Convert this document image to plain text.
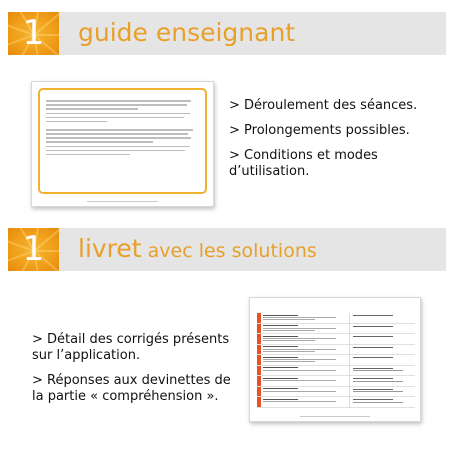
1	guide enseignant
> Déroulement des séances.
> Prolongements possibles.
> Conditions et modes d’utilisation.
1	livret avec les solutions
> Détail des corrigés présents sur l’application.
> Réponses aux devinettes de la partie « compréhension ».
